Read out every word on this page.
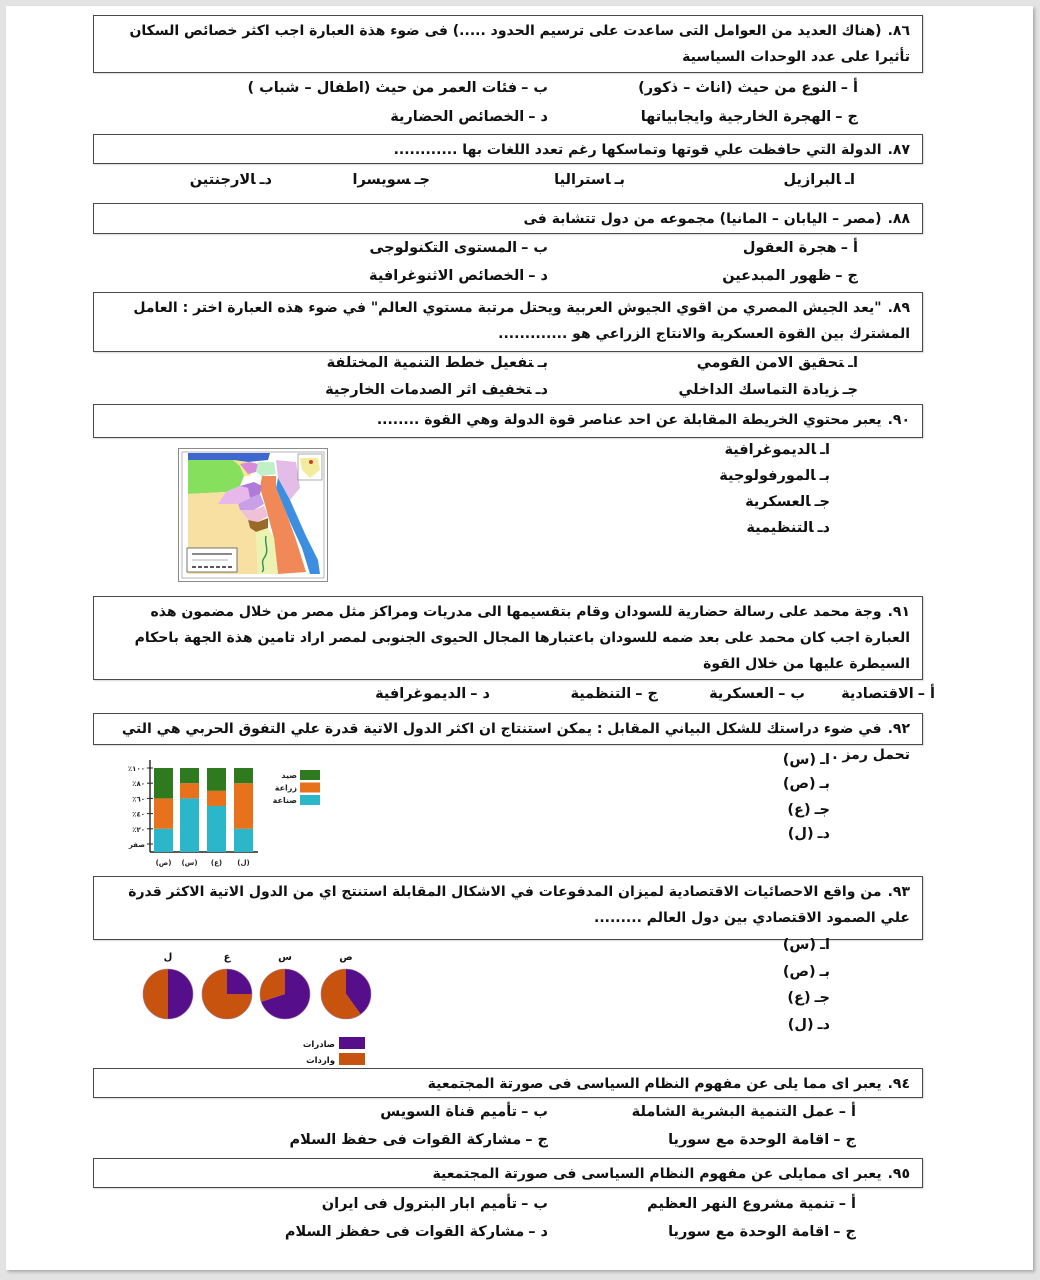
٨٦.(هناك العديد من العوامل التى ساعدت على ترسيم الحدود .....) فى ضوء هذة العبارة اجب اكثر خصائص السكان تأثيرا على عدد الوحدات السياسية
أ –النوع من حيث (اناث – ذكور)
ب –فئات العمر من حيث (اطفال – شباب )
ج –الهجرة الخارجية وايجابياتها
د –الخصائص الحضارية
٨٧.الدولة التي حافظت علي قوتها وتماسكها رغم تعدد اللغات بها ............
اـالبرازيل
بـاستراليا
جـسويسرا
دـالارجنتين
٨٨.(مصر – اليابان – المانيا) مجموعه من دول تتشابة فى
أ –هجرة العقول
ب –المستوى التكنولوجى
ج –ظهور المبدعين
د –الخصائص الاثنوغرافية
٨٩."يعد الجيش المصري من اقوي الجيوش العربية ويحتل مرتبة مستوي العالم" في ضوء هذه العبارة اختر : العامل المشترك بين القوة العسكرية والانتاج الزراعي هو .............
اـتحقيق الامن القومي
بـتفعيل خطط التنمية المختلفة
جـزيادة التماسك الداخلي
دـتخفيف اثر الصدمات الخارجية
٩٠.يعبر محتوي الخريطة المقابلة عن احد عناصر قوة الدولة وهي القوة ........
اـالديموغرافية
بـالمورفولوجية
جـالعسكرية
دـالتنظيمية
٩١.وجة محمد على رسالة حضارية للسودان وقام بتقسيمها الى مدريات ومراكز مثل مصر من خلال مضمون هذه العبارة اجب كان محمد على بعد ضمه للسودان باعتبارها المجال الحيوى الجنوبى لمصر اراد تامين هذة الجهة باحكام السيطرة عليها من خلال القوة
أ –الاقتصادية
ب –العسكرية
ج –التنظمية
د –الديموغرافية
٩٢.في ضوء دراستك للشكل البياني المقابل : يمكن استنتاج ان اكثر الدول الاتية قدرة علي التفوق الحربي هي التي تحمل رمز .
اـ(س)
بـ(ص)
جـ(ع)
دـ(ل)
صفر
٪٢٠
٪٤٠
٪٦٠
٪٨٠
٪١٠٠
(ص) (س) (ع) (ل)
صيد
زراعة
صناعة
٩٣.من واقع الاحصائيات الاقتصادية لميزان المدفوعات في الاشكال المقابلة استنتج اي من الدول الاتية الاكثر قدرة علي الصمود الاقتصادي بين دول العالم .........
اـ(س)
بـ(ص)
جـ(ع)
دـ(ل)
ل	ع	س	ص
صادرات
واردات
٩٤.يعبر اى مما يلى عن مفهوم النظام السياسى فى صورتة المجتمعية
أ –عمل التنمية البشرية الشاملة
ب –تأميم قناة السويس
ج –اقامة الوحدة مع سوريا
ج –مشاركة القوات فى حفظ السلام
٩٥.يعبر اى ممايلى عن مفهوم النظام السياسى فى صورتة المجتمعية
أ –تنمية مشروع النهر العظيم
ب –تأميم ابار البترول فى ايران
ج –اقامة الوحدة مع سوريا
د –مشاركة القوات فى حفظز السلام
